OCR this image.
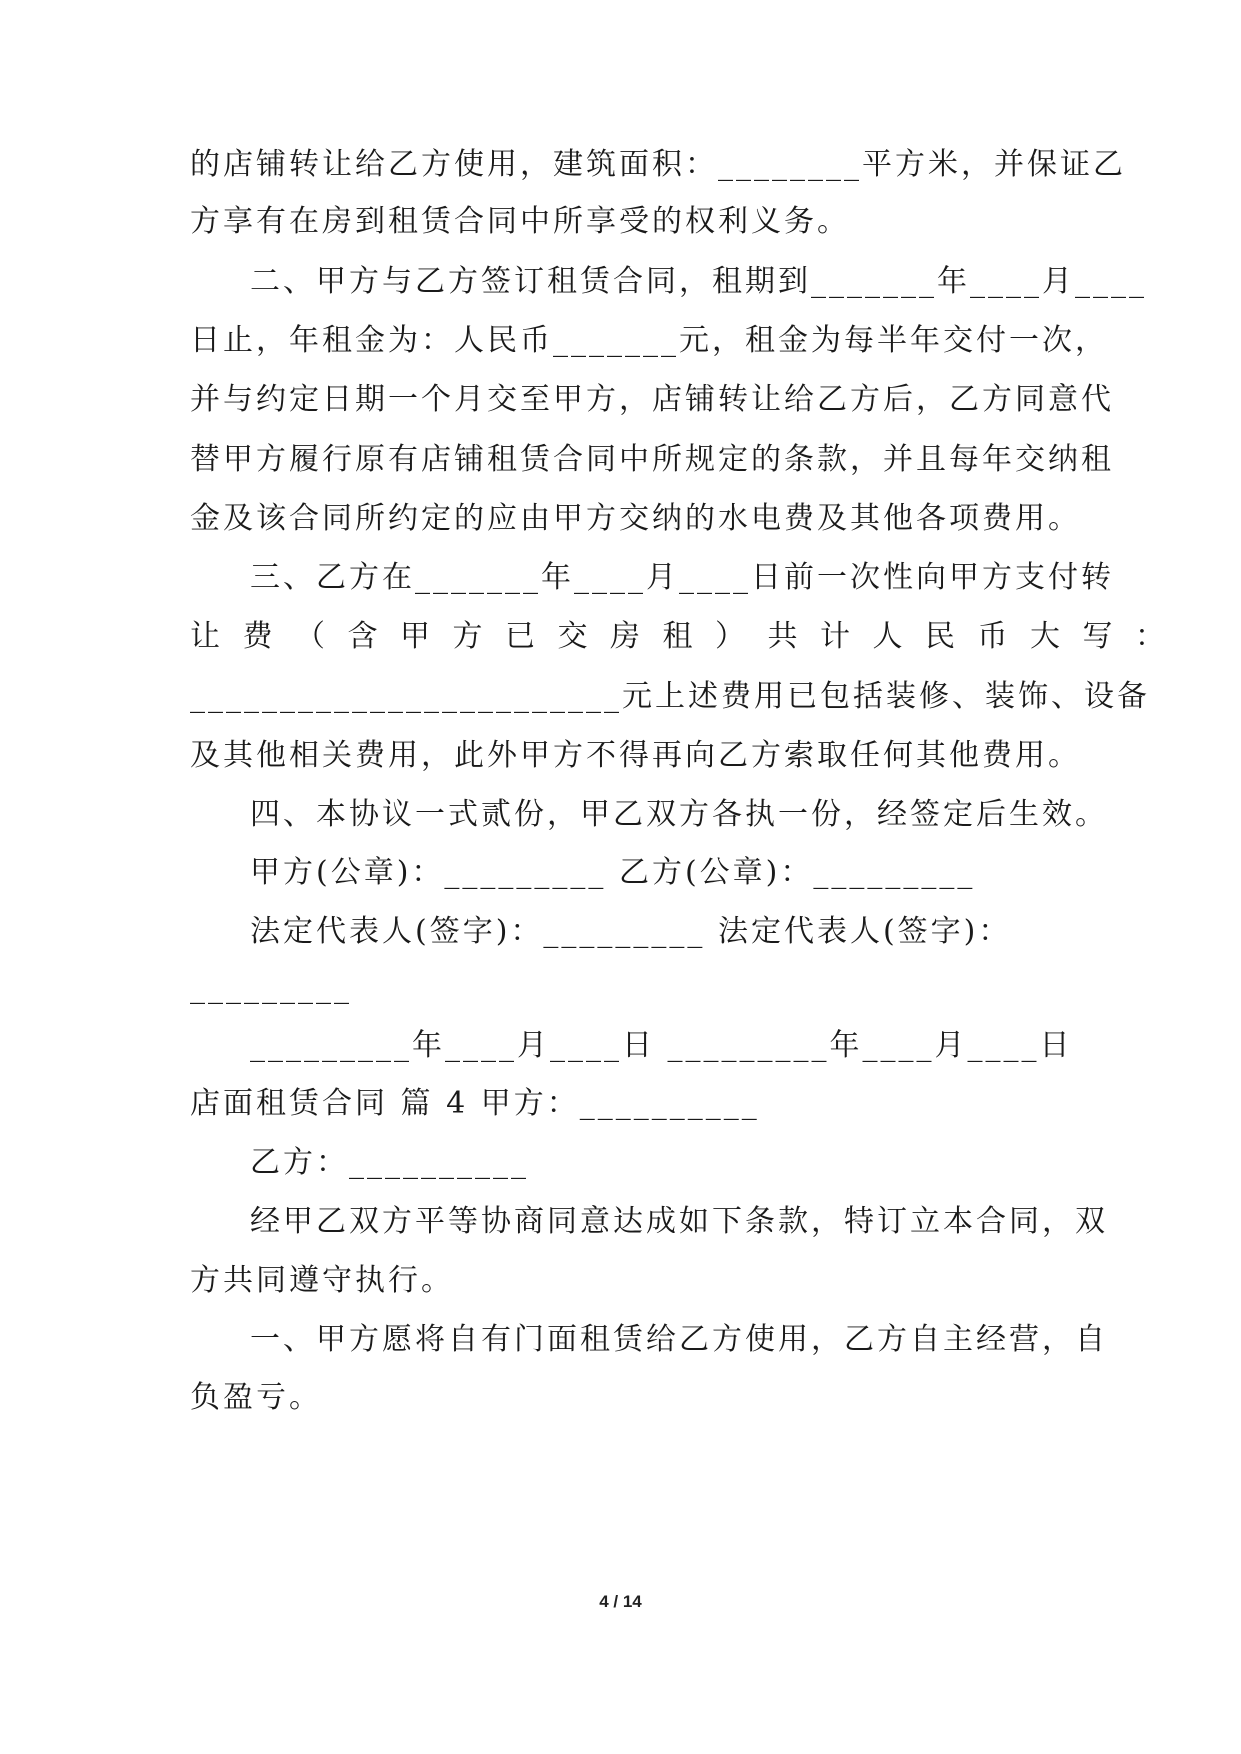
的店铺转让给乙方使用，建筑面积：________平方米，并保证乙
方享有在房到租赁合同中所享受的权利义务。
二、甲方与乙方签订租赁合同，租期到_______年____月____
日止，年租金为：人民币_______元，租金为每半年交付一次，
并与约定日期一个月交至甲方，店铺转让给乙方后，乙方同意代
替甲方履行原有店铺租赁合同中所规定的条款，并且每年交纳租
金及该合同所约定的应由甲方交纳的水电费及其他各项费用。
三、乙方在_______年____月____日前一次性向甲方支付转
让费（含甲方已交房租）共计人民币大写：
________________________元上述费用已包括装修、装饰、设备
及其他相关费用，此外甲方不得再向乙方索取任何其他费用。
四、本协议一式贰份，甲乙双方各执一份，经签定后生效。
甲方(公章)：_________ 乙方(公章)：_________
法定代表人(签字)：_________ 法定代表人(签字)：
_________
_________年____月____日 _________年____月____日
店面租赁合同 篇 4 甲方：__________
乙方：__________
经甲乙双方平等协商同意达成如下条款，特订立本合同，双
方共同遵守执行。
一、甲方愿将自有门面租赁给乙方使用，乙方自主经营，自
负盈亏。
4 / 14
